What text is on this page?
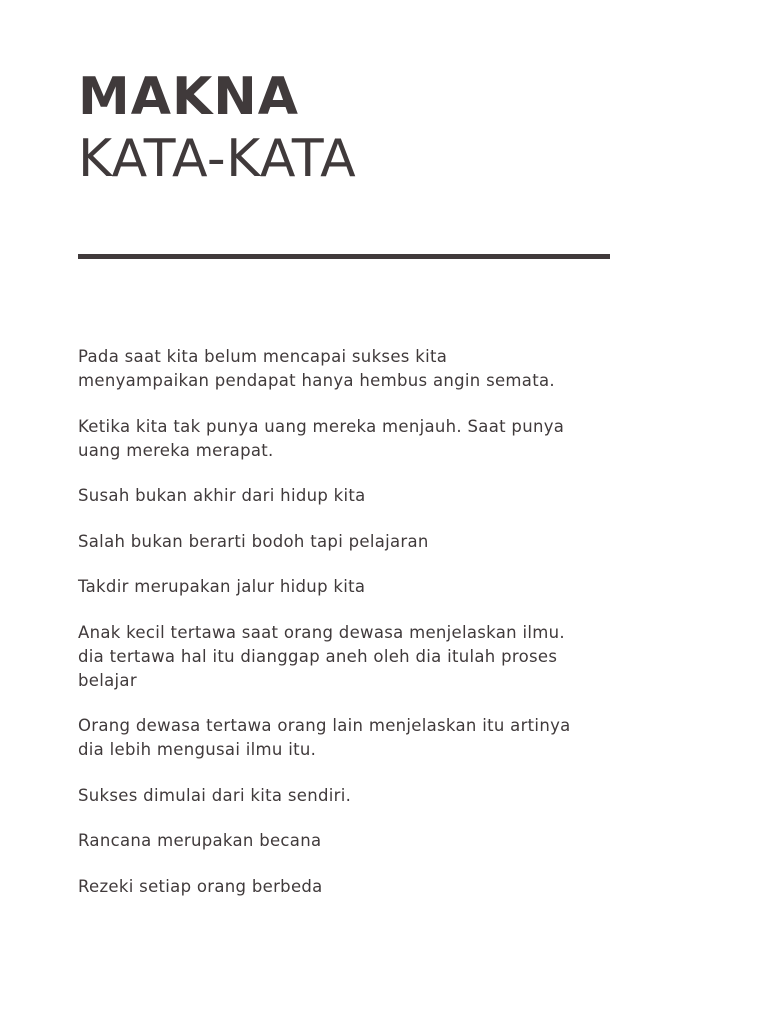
MAKNA
KATA-KATA

Pada saat kita belum mencapai sukses kita
menyampaikan pendapat hanya hembus angin semata.

Ketika kita tak punya uang mereka menjauh. Saat punya
uang mereka merapat.

Susah bukan akhir dari hidup kita

Salah bukan berarti bodoh tapi pelajaran

Takdir merupakan jalur hidup kita

Anak kecil tertawa saat orang dewasa menjelaskan ilmu.
dia tertawa hal itu dianggap aneh oleh dia itulah proses
belajar

Orang dewasa tertawa orang lain menjelaskan itu artinya
dia lebih mengusai ilmu itu.

Sukses dimulai dari kita sendiri.

Rancana merupakan becana

Rezeki setiap orang berbeda
